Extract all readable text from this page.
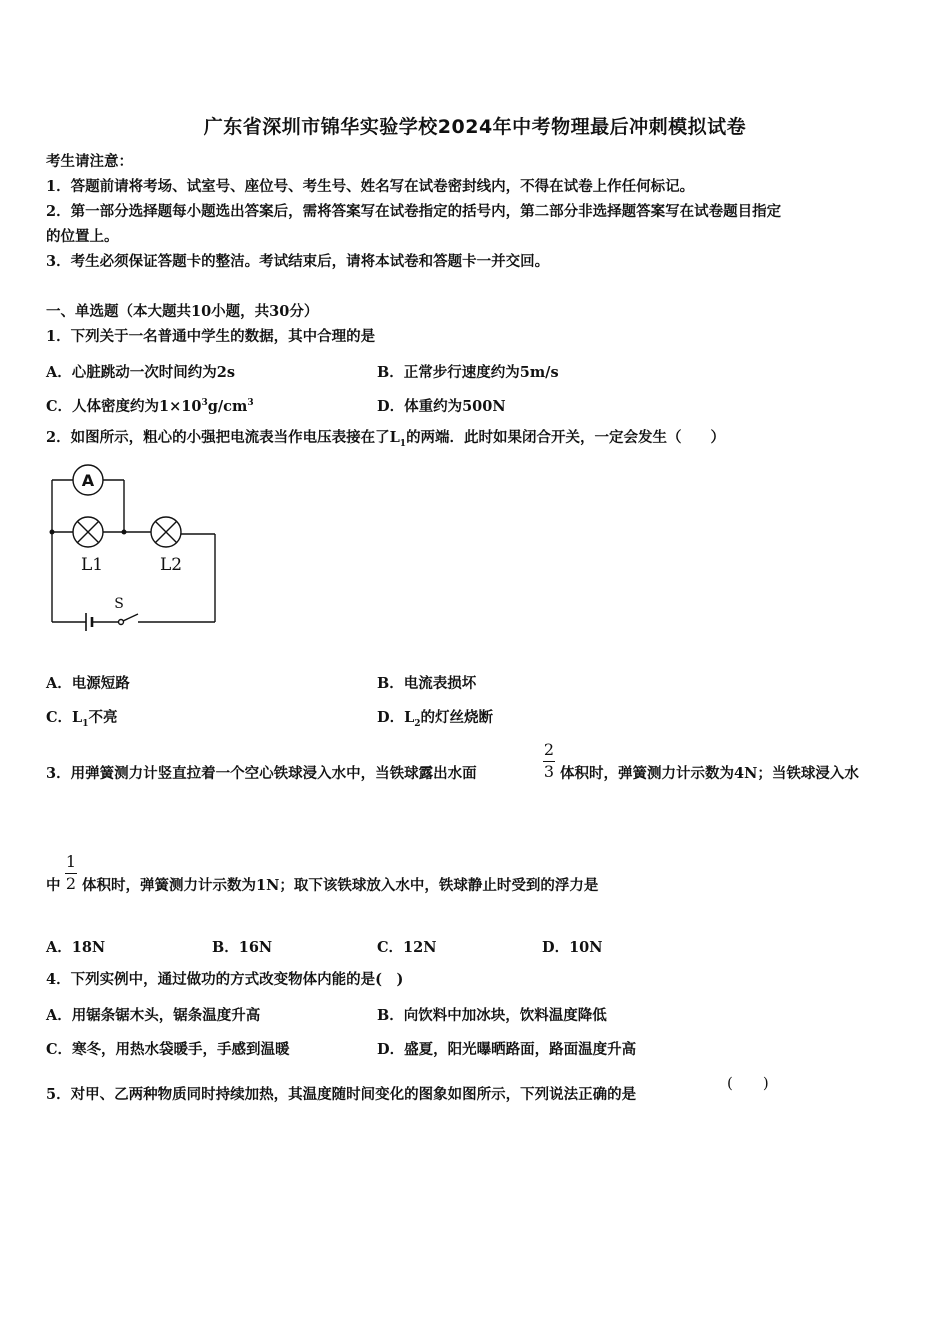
广东省深圳市锦华实验学校2024年中考物理最后冲刺模拟试卷
考生请注意：
1．答题前请将考场、试室号、座位号、考生号、姓名写在试卷密封线内，不得在试卷上作任何标记。
2．第一部分选择题每小题选出答案后，需将答案写在试卷指定的括号内，第二部分非选择题答案写在试卷题目指定
的位置上。
3．考生必须保证答题卡的整洁。考试结束后，请将本试卷和答题卡一并交回。
一、单选题（本大题共10小题，共30分）
1．下列关于一名普通中学生的数据，其中合理的是
A．心脏跳动一次时间约为2s	B．正常步行速度约为5m/s
C．人体密度约为$1\times 10^3g/cm^3$	D．体重约为500N
2．如图所示，粗心的小强把电流表当作电压表接在了$L_1$的两端．此时如果闭合开关，一定会发生（　　）
A
L1	L2
S
A．电源短路	B．电流表损坏
C．$L_1$不亮	D．$L_2$的灯丝烧断
3．用弹簧测力计竖直拉着一个空心铁球浸入水中，当铁球露出水面
2
3 体积时，弹簧测力计示数为4N；当铁球浸入水
中
1
2 体积时，弹簧测力计示数为1N；取下该铁球放入水中，铁球静止时受到的浮力是
A．18N	B．16N	C．12N	D．10N
4．下列实例中，通过做功的方式改变物体内能的是(　)
A．用锯条锯木头，锯条温度升高	B．向饮料中加冰块，饮料温度降低
C．寒冬，用热水袋暖手，手感到温暖	D．盛夏，阳光曝晒路面，路面温度升高
5．对甲、乙两种物质同时持续加热，其温度随时间变化的图象如图所示，下列说法正确的是
(　　)
